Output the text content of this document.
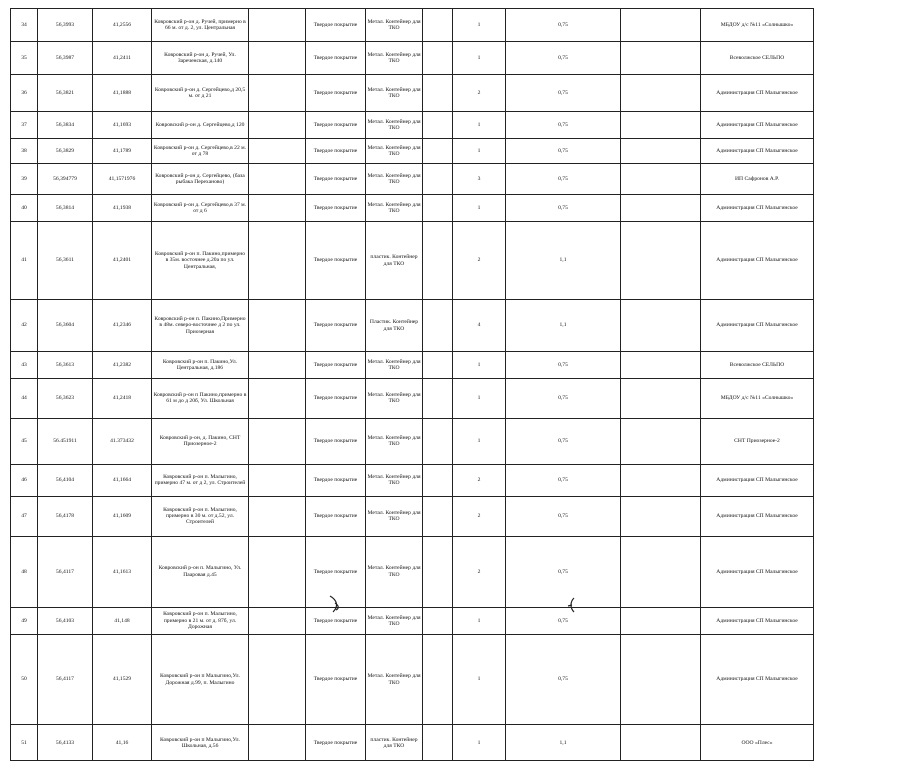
34	56,3993	41,2556	Ковровский р-он д. Ручей, примерно в 66 м. от д. 2, ул. Центральная		Твердое покрытие	Метал. Контейнер для ТКО		1	0,75		МБДОУ д/с №11 «Солнышко»	
35	56,3987	41,2411	Ковровский р-он д. Ручей, Ул. Зареченская, д.140		Твердое покрытие	Метал. Контейнер для ТКО		1	0,75		Всеволжское СЕЛЬПО	
36	56,3821	41,1888	Ковровский р-он д. Сергейцево,д 20,5 м. от д 21		Твердое покрытие	Метал. Контейнер для ТКО		2	0,75		Администрация СП Малыгинское	
37	56,3834	41,1693	Ковровский р-он д. Сергейцево,д 120		Твердое покрытие	Метал. Контейнер для ТКО		1	0,75		Администрация СП Малыгинское	
38	56,3829	41,1789	Ковровский р-он д. Сергейцево,в 22 м. от д 78		Твердое покрытие	Метал. Контейнер для ТКО		1	0,75		Администрация СП Малыгинское	
39	56,394779	41,1571976	Ковровский р-он д. Сергейцево, (база рыбака Переханово)		Твердое покрытие	Метал. Контейнер для ТКО		3	0,75		ИП Сафронов А.Р.	
40	56,3814	41,1938	Ковровский р-он д. Сергейцево,в 37 м. от д 6		Твердое покрытие	Метал. Контейнер для ТКО		1	0,75		Администрация СП Малыгинское	
41	56,3611	41,2401	Ковровский р-он п. Пакино,примерно в 35м. восточнее д.20а по ул. Центральная,		Твердое покрытие	пластик. Контейнер для ТКО		2	1,1		Администрация СП Малыгинское	
42	56,3604	41,2346	Ковровский р-он п. Пакино,Примерно в 48м. северо-восточнее д 2 по ул. Приозерная		Твердое покрытие	Пластик. Контейнер для ТКО		4	1,1		Администрация СП Малыгинское	
43	56,3613	41,2382	Ковровский р-он п. Пакино,Ул. Центральная, д.186		Твердое покрытие	Метал. Контейнер для ТКО		1	0,75		Всеволжское СЕЛЬПО	
44	56,3623	41,2418	Ковровский р-он п Пакино,примерно в 61 м до д 20б, Ул. Школьная		Твердое покрытие	Метал. Контейнер для ТКО		1	0,75		МБДОУ д/с №11 «Солнышко»	
45	56.451911	41.373432	Ковровский р-он, д. Пакино, СНТ Приозерное-2		Твердое покрытие	Метал. Контейнер для ТКО		1	0,75		СНТ Приозерное-2	
46	56,4104	41,1664	Ковровский р-он п. Малыгино, примерно 47 м. от д 2, ул. Строителей		Твердое покрытие	Метал. Контейнер для ТКО		2	0,75		Администрация СП Малыгинское	
47	56,4178	41,1609	Ковровский р-он п. Малыгино, примерно в 30 м. от д.52, ул. Строителей		Твердое покрытие	Метал. Контейнер для ТКО		2	0,75		Администрация СП Малыгинское	
48	56,4117	41,1613	Ковровский р-он п. Малыгино, Ул. Пааровая д.45		Твердое покрытие	Метал. Контейнер для ТКО		2	0,75		Администрация СП Малыгинское	
49	56,4103	41,148	Ковровский р-он п. Малыгино, примерно в 21 м. от д. 87б, ул. Дорожная		Твердое покрытие	Метал. Контейнер для ТКО		1	0,75		Администрация СП Малыгинское	
50	56,4117	41,1529	Ковровский р-он п Малыгино,Ул. Дорожная д.99, п. Малыгино		Твердое покрытие	Метал. Контейнер для ТКО		1	0,75		Администрация СП Малыгинское	
51	56,4133	41,16	Ковровский р-он п Малыгино,Ул. Школьная, д.56		Твердое покрытие	пластик. Контейнер для ТКО		1	1,1		ООО «Плес»	
